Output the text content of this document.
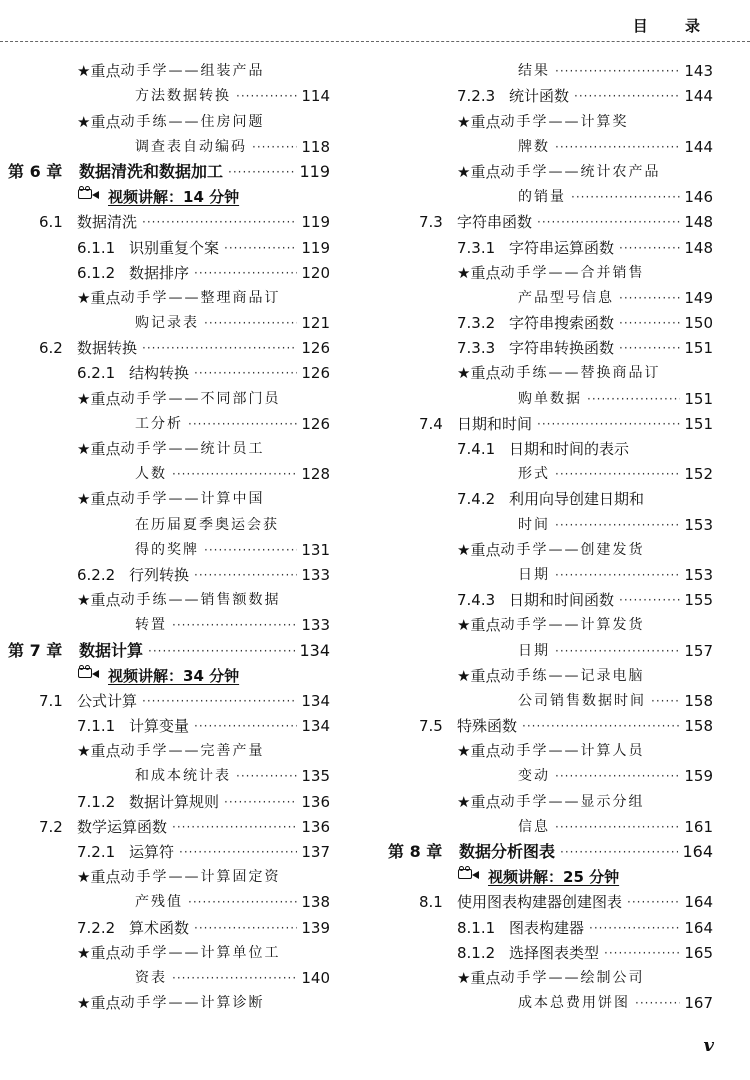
目 录
★重点 动手学——组装产品
方法数据转换 ·····	114
★重点 动手练——住房问题
调查表自动编码 ·····	118
第 6 章	数据清洗和数据加工 ·····	119
视频讲解：14 分钟
6.1 数据清洗 ·····	119
6.1.1 识别重复个案 ·····	119
6.1.2 数据排序 ·····	120
★重点 动手学——整理商品订
购记录表 ·····	121
6.2 数据转换 ·····	126
6.2.1 结构转换 ·····	126
★重点 动手学——不同部门员
工分析 ·····	126
★重点 动手学——统计员工
人数 ·····	128
★重点 动手学——计算中国
在历届夏季奥运会获
得的奖牌 ·····	131
6.2.2 行列转换 ·····	133
★重点 动手练——销售额数据
转置 ·····	133
第 7 章	数据计算 ·····	134
视频讲解：34 分钟
7.1 公式计算 ·····	134
7.1.1 计算变量 ·····	134
★重点 动手学——完善产量
和成本统计表 ·····	135
7.1.2 数据计算规则 ·····	136
7.2 数学运算函数 ·····	136
7.2.1 运算符 ·····	137
★重点 动手学——计算固定资
产残值 ·····	138
7.2.2 算术函数 ·····	139
★重点 动手学——计算单位工
资表 ·····	140
★重点 动手学——计算诊断
结果 ·····	143
7.2.3 统计函数 ·····	144
★重点 动手学——计算奖
牌数 ·····	144
★重点 动手学——统计农产品
的销量 ·····	146
7.3 字符串函数 ·····	148
7.3.1 字符串运算函数 ·····	148
★重点 动手学——合并销售
产品型号信息 ·····	149
7.3.2 字符串搜索函数 ·····	150
7.3.3 字符串转换函数 ·····	151
★重点 动手练——替换商品订
购单数据 ·····	151
7.4 日期和时间 ·····	151
7.4.1 日期和时间的表示
形式 ·····	152
7.4.2 利用向导创建日期和
时间 ·····	153
★重点 动手学——创建发货
日期 ·····	153
7.4.3 日期和时间函数 ·····	155
★重点 动手学——计算发货
日期 ·····	157
★重点 动手练——记录电脑
公司销售数据时间 ·····	158
7.5 特殊函数 ·····	158
★重点 动手学——计算人员
变动 ·····	159
★重点 动手学——显示分组
信息 ·····	161
第 8 章	数据分析图表 ·····	164
视频讲解：25 分钟
8.1 使用图表构建器创建图表 ·····	164
8.1.1 图表构建器 ·····	164
8.1.2 选择图表类型 ·····	165
★重点 动手学——绘制公司
成本总费用饼图 ·····	167
v
